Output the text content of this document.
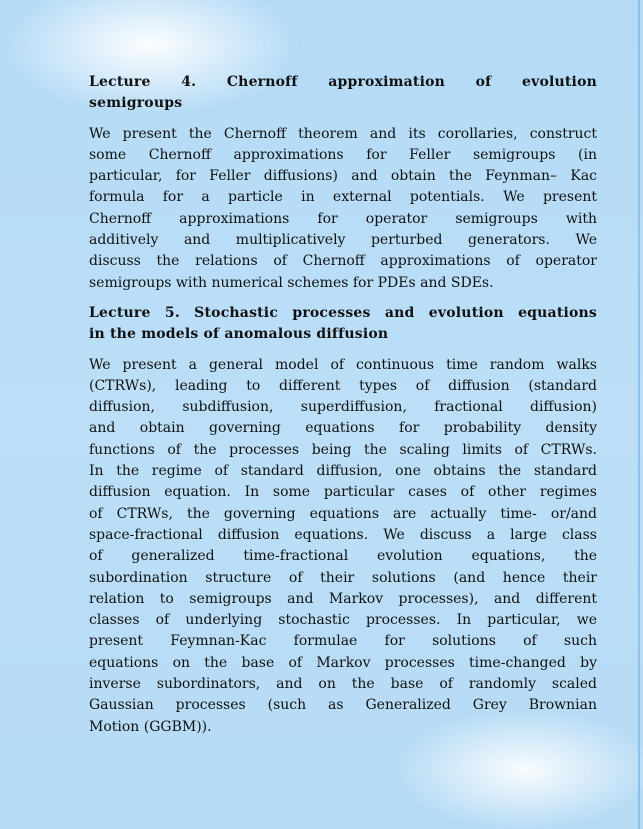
Lecture 4. Chernoff approximation of evolution
semigroups
We present the Chernoff theorem and its corollaries, construct
some Chernoff approximations for Feller semigroups (in
particular, for Feller diffusions) and obtain the Feynman– Kac
formula for a particle in external potentials. We present
Chernoff approximations for operator semigroups with
additively and multiplicatively perturbed generators. We
discuss the relations of Chernoff approximations of operator
semigroups with numerical schemes for PDEs and SDEs.
Lecture 5. Stochastic processes and evolution equations
in the models of anomalous diffusion
We present a general model of continuous time random walks
(CTRWs), leading to different types of diffusion (standard
diffusion, subdiffusion, superdiffusion, fractional diffusion)
and obtain governing equations for probability density
functions of the processes being the scaling limits of CTRWs.
In the regime of standard diffusion, one obtains the standard
diffusion equation. In some particular cases of other regimes
of CTRWs, the governing equations are actually time- or/and
space-fractional diffusion equations. We discuss a large class
of generalized time-fractional evolution equations, the
subordination structure of their solutions (and hence their
relation to semigroups and Markov processes), and different
classes of underlying stochastic processes. In particular, we
present Feymnan-Kac formulae for solutions of such
equations on the base of Markov processes time-changed by
inverse subordinators, and on the base of randomly scaled
Gaussian processes (such as Generalized Grey Brownian
Motion (GGBM)).
